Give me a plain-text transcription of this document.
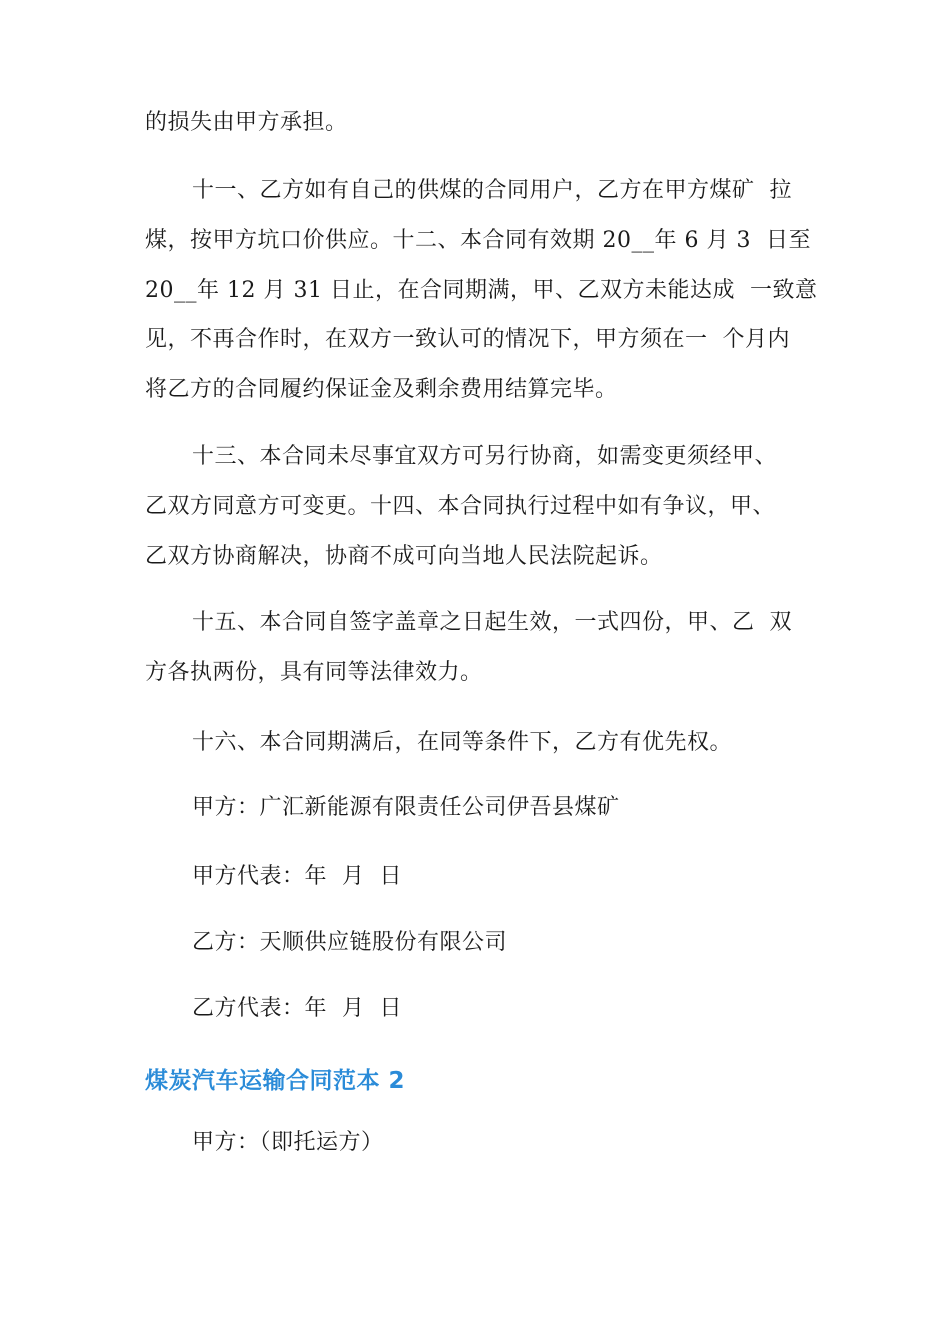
的损失由甲方承担。
十一、乙方如有自己的供煤的合同用户，乙方在甲方煤矿  拉
煤，按甲方坑口价供应。十二、本合同有效期 20__年 6 月 3  日至
20__年 12 月 31 日止，在合同期满，甲、乙双方未能达成  一致意
见，不再合作时，在双方一致认可的情况下，甲方须在一  个月内
将乙方的合同履约保证金及剩余费用结算完毕。
十三、本合同未尽事宜双方可另行协商，如需变更须经甲、
乙双方同意方可变更。十四、本合同执行过程中如有争议，甲、
乙双方协商解决，协商不成可向当地人民法院起诉。
十五、本合同自签字盖章之日起生效，一式四份，甲、乙  双
方各执两份，具有同等法律效力。
十六、本合同期满后，在同等条件下，乙方有优先权。
甲方：广汇新能源有限责任公司伊吾县煤矿
甲方代表：年  月  日
乙方：天顺供应链股份有限公司
乙方代表：年  月  日
煤炭汽车运输合同范本 2
甲方：（即托运方）
